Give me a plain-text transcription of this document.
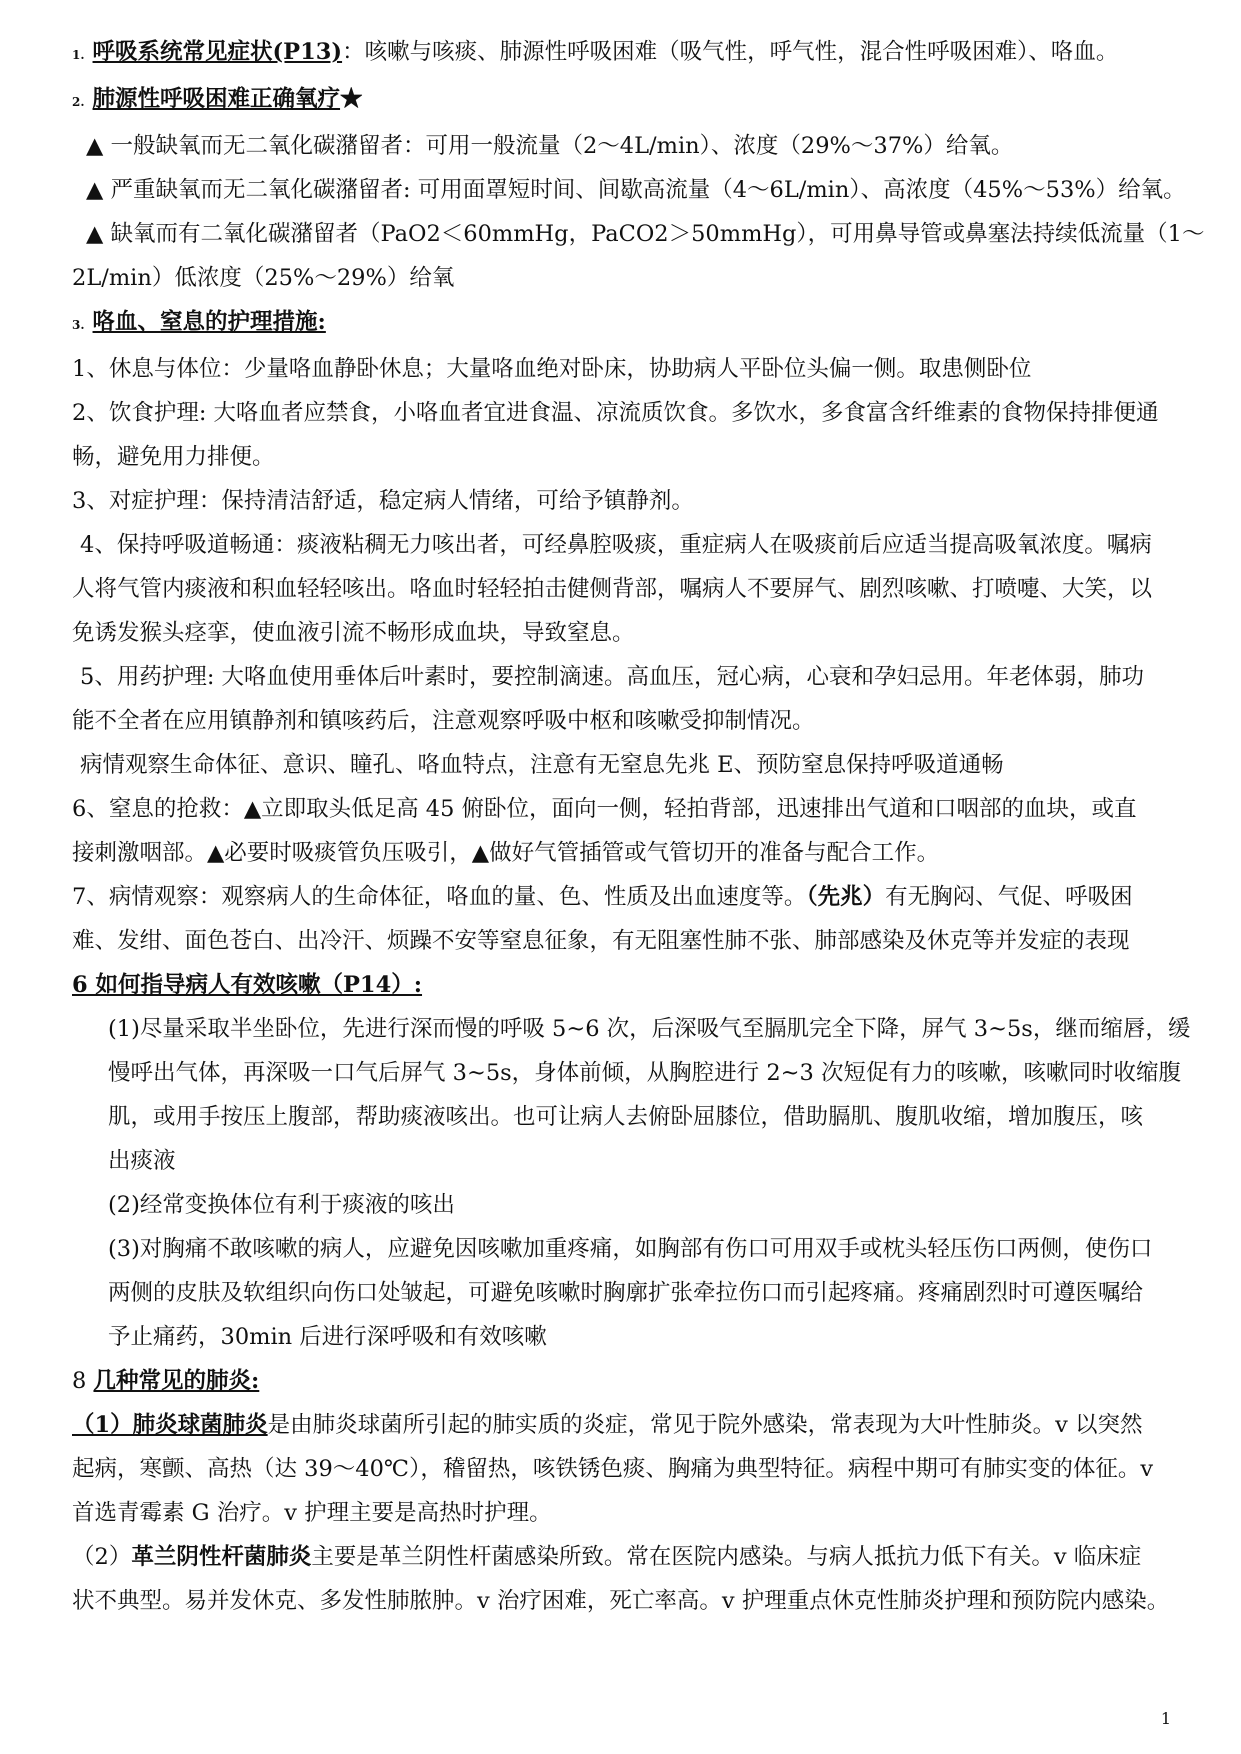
1. 呼吸系统常见症状(P13)：咳嗽与咳痰、肺源性呼吸困难（吸气性，呼气性，混合性呼吸困难）、咯血。

2. 肺源性呼吸困难正确氧疗★

▲ 一般缺氧而无二氧化碳潴留者：可用一般流量（2～4L/min）、浓度（29%～37%）给氧。

▲ 严重缺氧而无二氧化碳潴留者: 可用面罩短时间、间歇高流量（4～6L/min）、高浓度（45%～53%）给氧。

▲ 缺氧而有二氧化碳潴留者（PaO2＜60mmHg，PaCO2＞50mmHg），可用鼻导管或鼻塞法持续低流量（1～

2L/min）低浓度（25%～29%）给氧

3. 咯血、窒息的护理措施:

1、休息与体位：少量咯血静卧休息；大量咯血绝对卧床，协助病人平卧位头偏一侧。取患侧卧位

2、饮食护理: 大咯血者应禁食，小咯血者宜进食温、凉流质饮食。多饮水，多食富含纤维素的食物保持排便通

畅，避免用力排便。

3、对症护理：保持清洁舒适，稳定病人情绪，可给予镇静剂。

4、保持呼吸道畅通：痰液粘稠无力咳出者，可经鼻腔吸痰，重症病人在吸痰前后应适当提高吸氧浓度。嘱病

人将气管内痰液和积血轻轻咳出。咯血时轻轻拍击健侧背部，嘱病人不要屏气、剧烈咳嗽、打喷嚏、大笑，以

免诱发猴头痉挛，使血液引流不畅形成血块，导致窒息。

5、用药护理: 大咯血使用垂体后叶素时，要控制滴速。高血压，冠心病，心衰和孕妇忌用。年老体弱，肺功

能不全者在应用镇静剂和镇咳药后，注意观察呼吸中枢和咳嗽受抑制情况。

病情观察生命体征、意识、瞳孔、咯血特点，注意有无窒息先兆 E、预防窒息保持呼吸道通畅

6、窒息的抢救：▲立即取头低足高 45 俯卧位，面向一侧，轻拍背部，迅速排出气道和口咽部的血块，或直

接刺激咽部。▲必要时吸痰管负压吸引，▲做好气管插管或气管切开的准备与配合工作。

7、病情观察：观察病人的生命体征，咯血的量、色、性质及出血速度等。（先兆）有无胸闷、气促、呼吸困

难、发绀、面色苍白、出冷汗、烦躁不安等窒息征象，有无阻塞性肺不张、肺部感染及休克等并发症的表现

6 如何指导病人有效咳嗽（P14）:

(1)尽量采取半坐卧位，先进行深而慢的呼吸 5~6 次，后深吸气至膈肌完全下降，屏气 3~5s，继而缩唇，缓

慢呼出气体，再深吸一口气后屏气 3~5s，身体前倾，从胸腔进行 2~3 次短促有力的咳嗽，咳嗽同时收缩腹

肌，或用手按压上腹部，帮助痰液咳出。也可让病人去俯卧屈膝位，借助膈肌、腹肌收缩，增加腹压，咳

出痰液

(2)经常变换体位有利于痰液的咳出

(3)对胸痛不敢咳嗽的病人，应避免因咳嗽加重疼痛，如胸部有伤口可用双手或枕头轻压伤口两侧，使伤口

两侧的皮肤及软组织向伤口处皱起，可避免咳嗽时胸廓扩张牵拉伤口而引起疼痛。疼痛剧烈时可遵医嘱给

予止痛药，30min 后进行深呼吸和有效咳嗽

8 几种常见的肺炎:

（1）肺炎球菌肺炎是由肺炎球菌所引起的肺实质的炎症，常见于院外感染，常表现为大叶性肺炎。v 以突然

起病，寒颤、高热（达 39～40℃），稽留热，咳铁锈色痰、胸痛为典型特征。病程中期可有肺实变的体征。v

首选青霉素 G 治疗。v 护理主要是高热时护理。

（2）革兰阴性杆菌肺炎主要是革兰阴性杆菌感染所致。常在医院内感染。与病人抵抗力低下有关。v 临床症

状不典型。易并发休克、多发性肺脓肿。v 治疗困难，死亡率高。v 护理重点休克性肺炎护理和预防院内感染。

1
